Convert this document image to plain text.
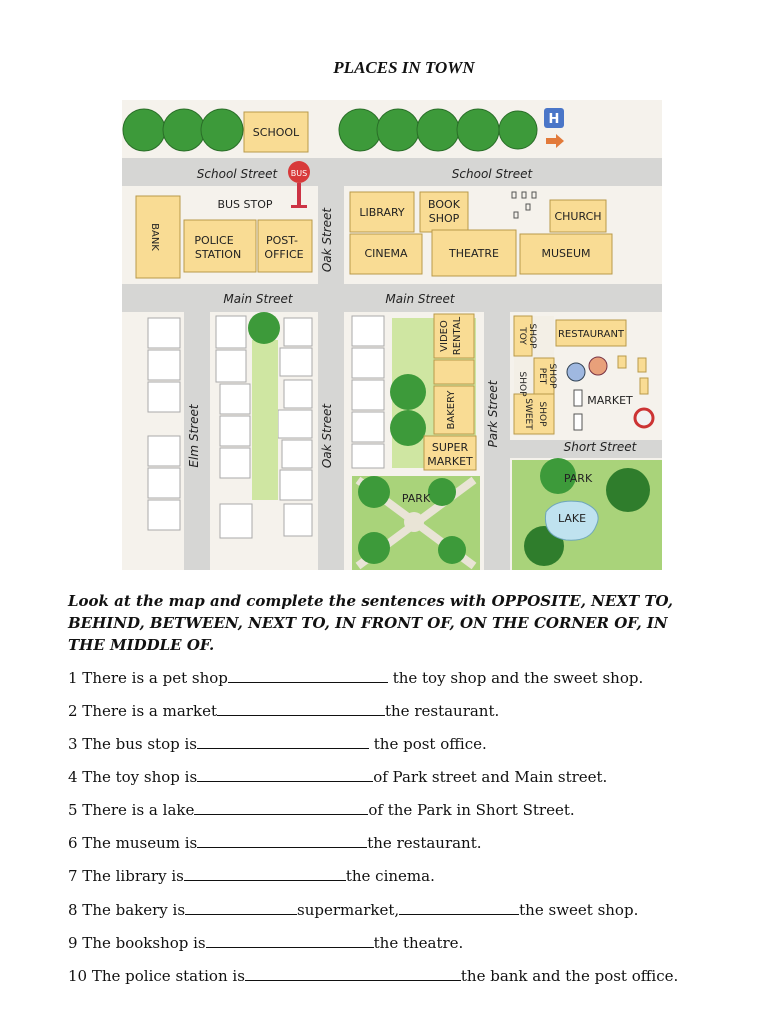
PLACES IN TOWN
SCHOOL
H
School Street	School Street
BUS
BANK
BUS STOP
POLICE
STATION
POST-
OFFICE Oak Street LIBRARY
BOOK
SHOP	CHURCH
CINEMA	THEATRE	MUSEUM
Main Street	Main Street
Elm Street	Oak Street
VIDEO RENTAL
BAKERY
SUPER
MARKET
PARK
Park Street
TOY SHOP
PET SHOP
SWEET SHOP
SHOP
RESTAURANT
MARKET
Short Street
PARK
LAKE
Look at the map and complete the sentences with OPPOSITE, NEXT TO, BEHIND, BETWEEN, NEXT TO, IN FRONT OF, ON THE CORNER OF, IN THE MIDDLE OF.
1 There is a pet shop	the toy shop and the sweet shop.
2 There is a market	the restaurant.
3 The bus stop is	the post office.
4 The toy shop is	of Park street and Main street.
5 There is a lake	of the Park in Short Street.
6 The museum is	the restaurant.
7 The library is	the cinema.
8 The bakery is	supermarket,	the sweet shop.
9 The bookshop is	the theatre.
10 The police station is	the bank and the post office.
